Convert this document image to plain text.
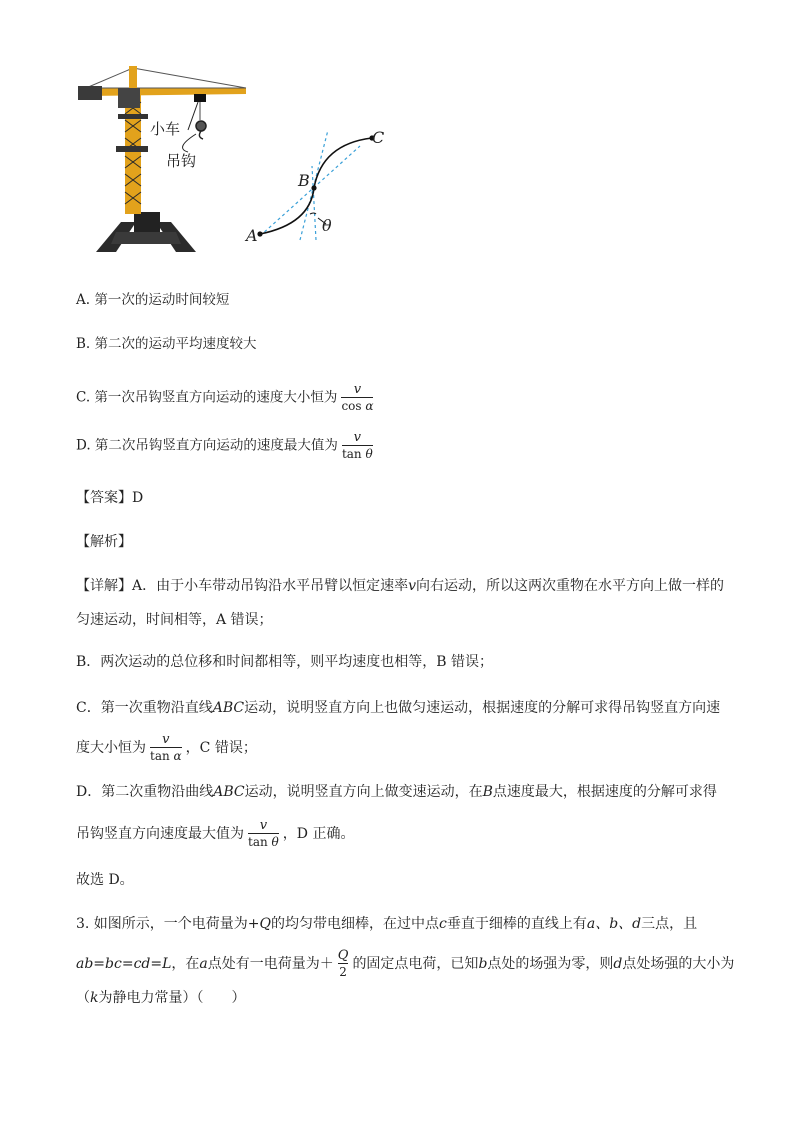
小车
吊钩
A
B
C
θ
A. 第一次的运动时间较短
B. 第二次的运动平均速度较大
C. 第一次吊钩竖直方向运动的速度大小恒为 $\frac{v}{\text{cos α}}$
D. 第二次吊钩竖直方向运动的速度最大值为 $\frac{v}{\text{tan θ}}$
【答案】D
【解析】
【详解】A．由于小车带动吊钩沿水平吊臂以恒定速率v向右运动，所以这两次重物在水平方向上做一样的
匀速运动，时间相等，A 错误；
B．两次运动的总位移和时间都相等，则平均速度也相等，B 错误；
C．第一次重物沿直线ABC运动，说明竖直方向上也做匀速运动，根据速度的分解可求得吊钩竖直方向速
度大小恒为 $\frac{v}{\text{tan α}}$ ，C 错误；
D．第二次重物沿曲线ABC运动，说明竖直方向上做变速运动，在B点速度最大，根据速度的分解可求得
吊钩竖直方向速度最大值为 $\frac{v}{\text{tan θ}}$ ，D 正确。
故选 D。
3. 如图所示，一个电荷量为+Q的均匀带电细棒，在过中点c垂直于细棒的直线上有a、b、d三点，且
ab=bc=cd=L，在a点处有一电荷量为＋ $\frac{Q}{2}$ 的固定点电荷，已知b点处的场强为零，则d点处场强的大小为
（k为静电力常量）（　　）
